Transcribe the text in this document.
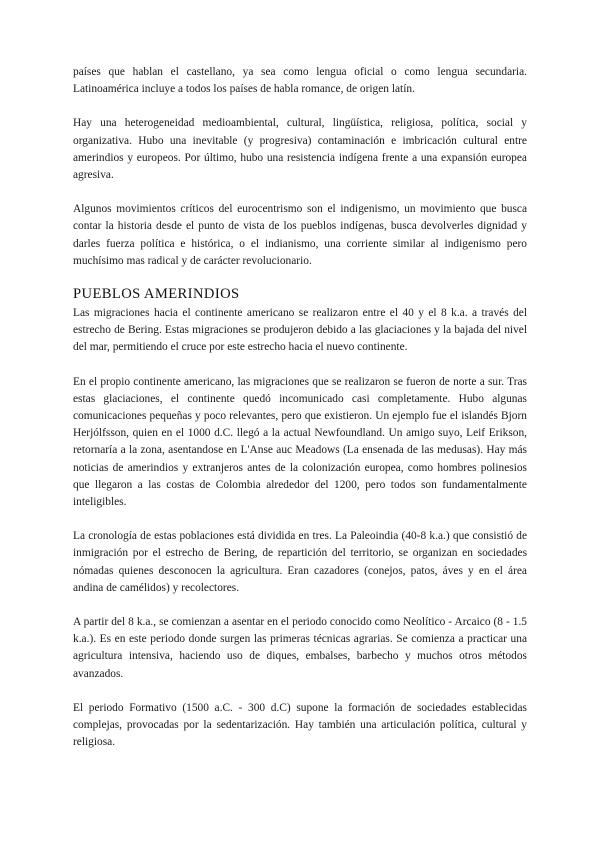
países que hablan el castellano, ya sea como lengua oficial o como lengua secundaria. Latinoamérica incluye a todos los países de habla romance, de origen latín.

Hay una heterogeneidad medioambiental, cultural, lingüística, religiosa, política, social y organizativa. Hubo una inevitable (y progresiva) contaminación e imbricación cultural entre amerindios y europeos. Por último, hubo una resistencia indígena frente a una expansión europea agresiva.

Algunos movimientos críticos del eurocentrismo son el indigenismo, un movimiento que busca contar la historia desde el punto de vista de los pueblos indígenas, busca devolverles dignidad y darles fuerza política e histórica, o el indianismo, una corriente similar al indigenismo pero muchísimo mas radical y de carácter revolucionario.

PUEBLOS AMERINDIOS

Las migraciones hacia el continente americano se realizaron entre el 40 y el 8 k.a. a través del estrecho de Bering. Estas migraciones se produjeron debido a las glaciaciones y la bajada del nivel del mar, permitiendo el cruce por este estrecho hacia el nuevo continente.

En el propio continente americano, las migraciones que se realizaron se fueron de norte a sur. Tras estas glaciaciones, el continente quedó incomunicado casi completamente. Hubo algunas comunicaciones pequeñas y poco relevantes, pero que existieron. Un ejemplo fue el islandés Bjorn Herjólfsson, quien en el 1000 d.C. llegó a la actual Newfoundland. Un amigo suyo, Leif Erikson, retornaría a la zona, asentandose en L'Anse auc Meadows (La ensenada de las medusas). Hay más noticias de amerindios y extranjeros antes de la colonización europea, como hombres polinesios que llegaron a las costas de Colombia alrededor del 1200, pero todos son fundamentalmente inteligibles.

La cronología de estas poblaciones está dividida en tres. La Paleoindia (40-8 k.a.) que consistió de inmigración por el estrecho de Bering, de repartición del territorio, se organizan en sociedades nómadas quienes desconocen la agricultura. Eran cazadores (conejos, patos, áves y en el área andina de camélidos) y recolectores.

A partir del 8 k.a., se comienzan a asentar en el periodo conocido como Neolítico - Arcaico (8 - 1.5 k.a.). Es en este periodo donde surgen las primeras técnicas agrarias. Se comienza a practicar una agricultura intensiva, haciendo uso de diques, embalses, barbecho y muchos otros métodos avanzados.

El periodo Formativo (1500 a.C. - 300 d.C) supone la formación de sociedades establecidas complejas, provocadas por la sedentarización. Hay también una articulación política, cultural y religiosa.
